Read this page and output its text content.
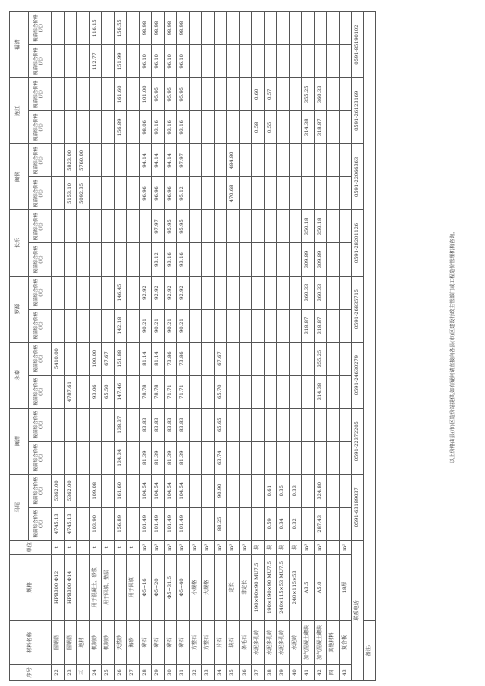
序号	材料名称	规格	单位	马尾		闽清		永泰		罗源		长乐		闽侯		连江		福清	
				税前综合价格(元)	税前综合价格(元)	税前综合价格(元)	税前综合价格(元)	税前综合价格(元)	税前综合价格(元)	税前综合价格(元)	税前综合价格(元)	税前综合价格(元)	税前综合价格(元)	税前综合价格(元)	税前综合价格(元)	税前综合价格(元)	税前综合价格(元)	税前综合价格(元)	税前综合价格(元)
22	圆钢筋	HPB300 Φ12	t	4745.13	5362.00				5410.00										
23	圆钢筋	HPB300 Φ14	t	4745.13	5362.00			4787.61						5153.10	5823.00				
三	地材													5092.35	5760.00				
24	机制砂	用于混凝土、砂浆	t	103.90	109.08			93.06	100.00									112.77	116.15
25	机制砂	用于回填、垫层	t					65.50	67.67										
26	天然砂		t	156.89	161.60	134.34	138.37	147.46	151.88	142.18	146.45					156.89	161.60	151.99	156.55
27	海砂	用于回填	t																
28	碎石	Φ5~16	m³	101.49	104.54	81.39	83.83	78.78	81.14	90.21	92.92			96.96	94.14	98.06	101.00	96.10	98.98
29	碎石	Φ5~20	m³	101.49	104.54	81.39	83.83	78.78	81.14	90.21	92.92	93.12	97.97	96.96	94.14	93.16	95.95	96.10	98.98
30	碎石	Φ5~31.5	m³	101.49	104.54	81.39	83.83	71.71	73.86	90.21	92.92	93.16	95.95	96.96	94.14	93.16	95.95	96.10	98.98
31	碎石	Φ5~40	m³	101.49	104.54	81.39	83.83	71.71	73.86	90.21	92.92	93.16	95.95	95.12	97.97	93.16	95.95	96.10	98.98
32	方整石	小规格	m³																
33	方整石	大规格	m³																
34	片石		m³	88.25	90.90	63.74	65.65	65.70	67.67										
35	块石	定长	m³											470.68	484.80				
36	条毛石	非定长	m³																
37	水泥多孔砖	190×90×90 MU7.5	块													0.58	0.60		
38	水泥多孔砖	190×190×90 MU7.5	块	0.59	0.61											0.55	0.57		
39	水泥多孔砖	240×115×53 MU7.5	块	0.34	0.35														
40	水泥砖	240×115×53	块	0.32	0.33														
41	加气混凝土砌块	A3.5	m³							318.87	360.33	309.89	350.18			314.38	355.25		
42	加气混凝土砌块	A5.0	m³	287.43	324.80			314.38	355.25	318.87	360.33	309.89	350.18			318.87	360.33		
四	其他材料																		
43	复合板	18厚	m²																
联系电话				0591-63189037		0591-22372205		0591-24630279		0591-26835715		0591-28201126		0591-22066363		0591-26123169		0591-85190102	
备注:																			
以上价格由县(市)区造价站提供,如有疑问请直接向各县(市)区建设行政主管部门或工程造价管理机构咨询。
